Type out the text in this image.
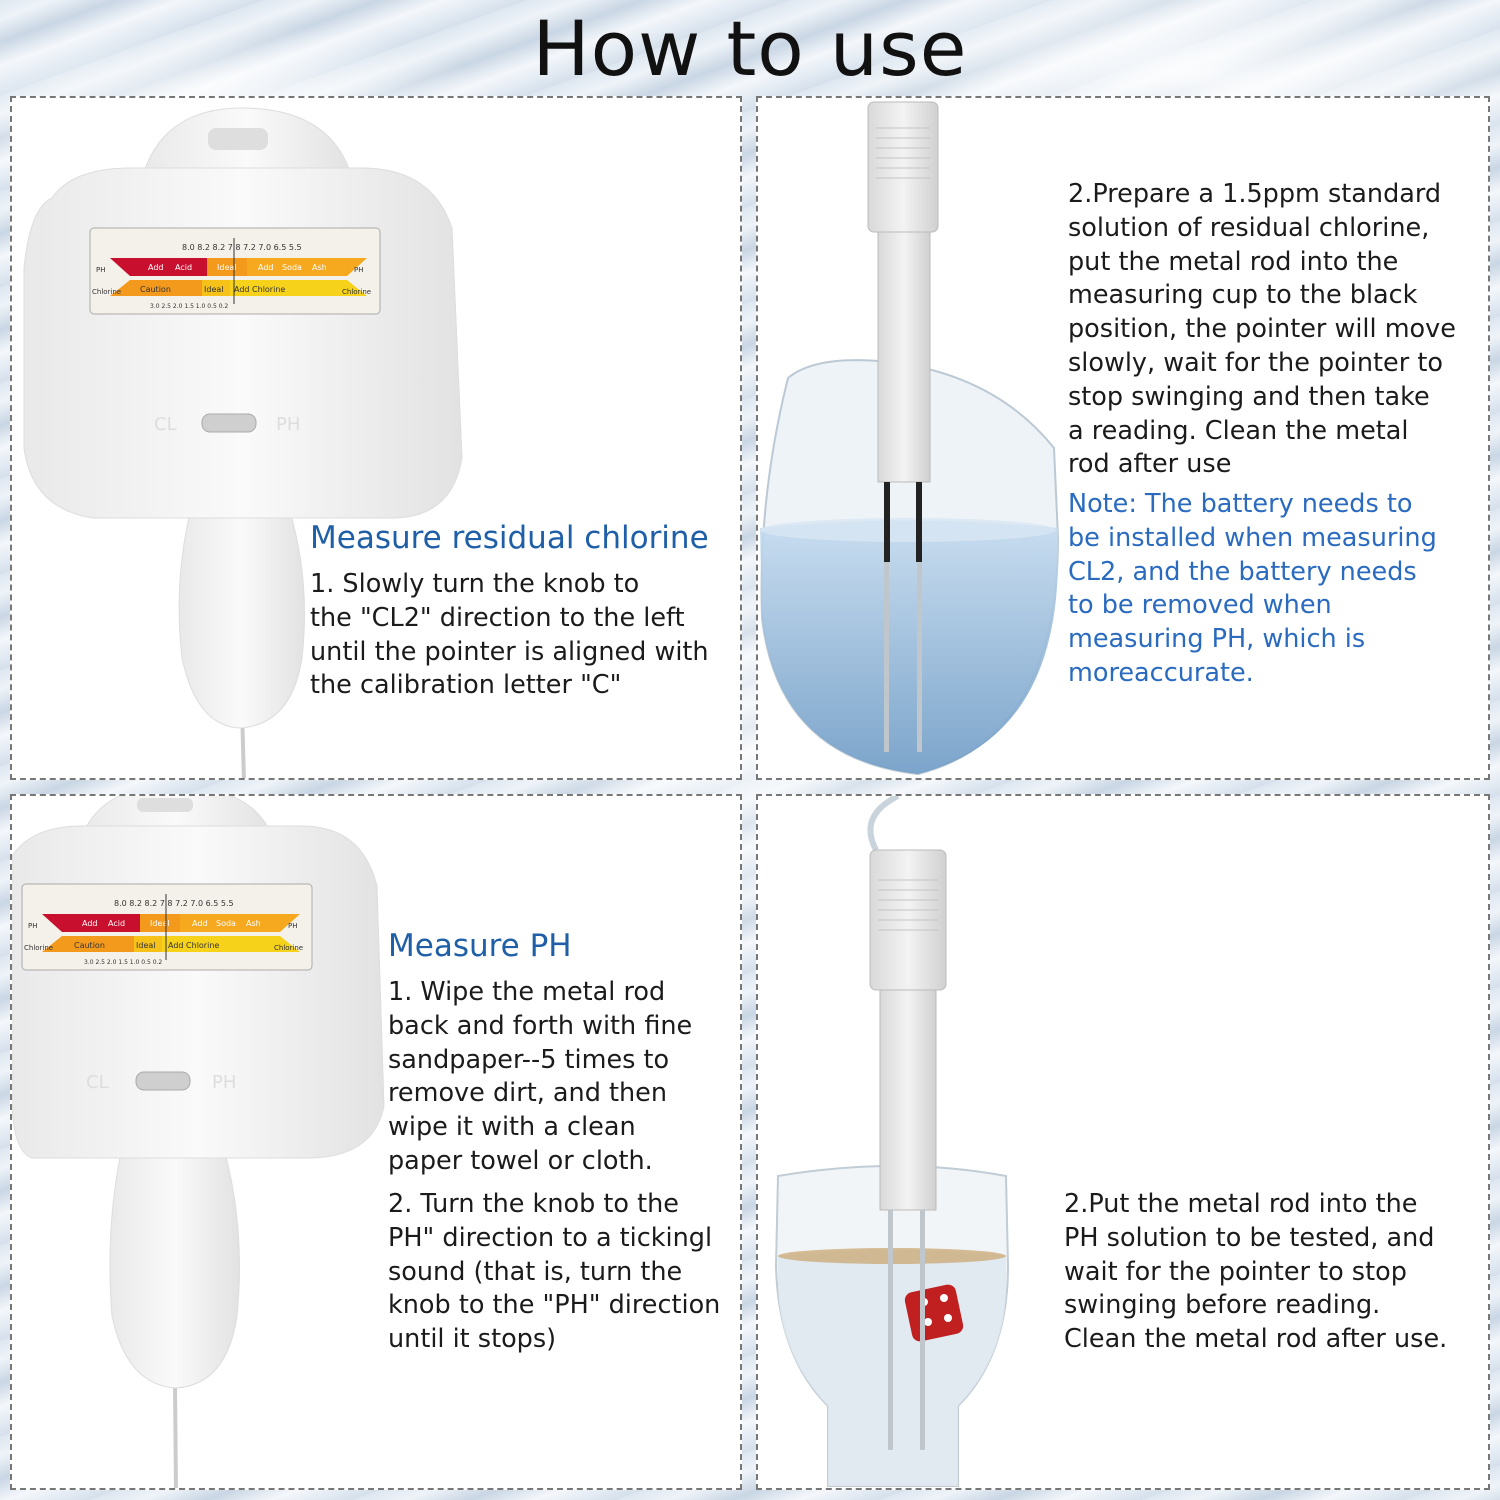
How to use
8.0 8.2 8.2 7.8 7.2 7.0 6.5 5.5
PH	PH
Add Acid	Ideal	Add Soda Ash
Chlorine	Chlorine
Caution	Ideal Add Chlorine
3.0 2.5 2.0 1.5 1.0 0.5 0.2
CL	PH
Measure residual chlorine
1. Slowly turn the knob to
the "CL2" direction to the left
until the pointer is aligned with
the calibration letter "C"
2.Prepare a 1.5ppm standard
solution of residual chlorine,
put the metal rod into the
measuring cup to the black
position, the pointer will move
slowly, wait for the pointer to
stop swinging and then take
a reading. Clean the metal
rod after use
Note: The battery needs to
be installed when measuring
CL2, and the battery needs
to be removed when
measuring PH, which is
moreaccurate.
8.0 8.2 8.2 7.8 7.2 7.0 6.5 5.5
PH	PH
Add Acid	Ideal	Add Soda Ash
Chlorine	Chlorine
Caution	Ideal Add Chlorine
3.0 2.5 2.0 1.5 1.0 0.5 0.2
CL	PH
Measure PH
1. Wipe the metal rod
back and forth with fine
sandpaper--5 times to
remove dirt, and then
wipe it with a clean
paper towel or cloth.
2. Turn the knob to the
PH" direction to a tickingl
sound (that is, turn the
knob to the "PH" direction
until it stops)
2.Put the metal rod into the
PH solution to be tested, and
wait for the pointer to stop
swinging before reading.
Clean the metal rod after use.
